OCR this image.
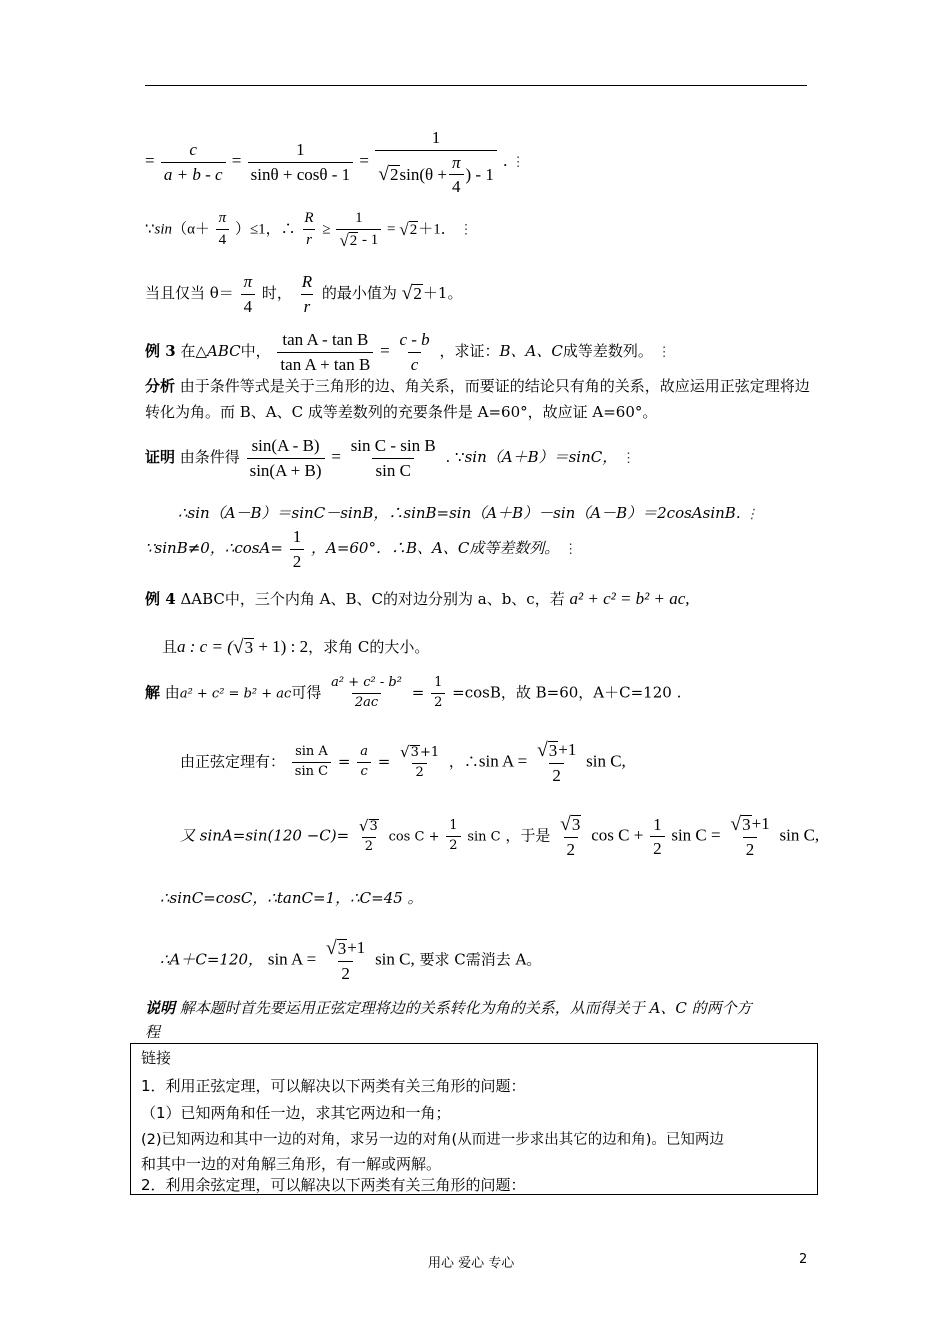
= $\frac{c}{a + b - c} = \frac{1}{\sin\theta + \cos\theta - 1} = \frac{1}{√ 2 \sin(\theta + \frac{\pi}{4} ) - 1}$ . ⋮
∵sin（α＋ $\frac{\pi}{4} )\le 1$，∴ $\frac{R}{r} \ge \frac{1}{√ 2 - 1}$ = √ 2 ＋1． ⋮
当且仅当 $\theta= \frac{\pi}{4}$ 时， $\frac{R}{r}$ 的最小值为 √ 2 ＋1。
例 3 在△ABC中， $\frac{\text{tan A - tan B}}{\text{tan A + tan B}} = \frac{c - b}{c}$ ，求证：B、A、C成等差数列。 ⋮
分析 由于条件等式是关于三角形的边、角关系，而要证的结论只有角的关系，故应运用正弦定理将边转化为角。而 B、A、C 成等差数列的充要条件是 A=60°，故应证 A=60°。
证明 由条件得 $\frac{\sin(A - B)}{\sin(A + B)} = \frac{\text{sin C - sin B}}{\text{sin C}}$ . ∵sin（A＋B）＝sinC， ⋮
∴sin（A－B）＝sinC－sinB，∴sinB=sin（A＋B）－sin（A－B）＝2cosAsinB. ⋮
∵sinB≠0，∴cosA= $\frac{1}{2}$ ，A=60°．∴B、A、C成等差数列。 ⋮
例 4 ΔABC中，三个内角 A、B、C的对边分别为 a、b、c，若 a² + c² = b² + ac,
且a : c = ( √ 3 + 1) : 2，求角 C的大小。
解 由a² + c² = b² + ac可得 $\frac{\text{a² + c² - b²}}{2ac} = \frac{1}{2} =\cos B$，故 B=60，A＋C=120 .
由正弦定理有： $\frac{\text{sin A}}{\text{sin C}} = \frac{a}{c} = \frac{√ 3 +1}{2}$ ，∴sin $A = \frac{√ 3 +1}{2}$ sin C,
又 $\sin A=\sin(120 -C)= \frac{√ 3}{2}$ $\cos C + \frac{1}{2}$ sin C ，于是 $\frac{√ 3}{2}$ $\cos C + \frac{1}{2}$ $\sin C = \frac{√ 3 +1}{2}$ sin C,
∴sinC=cosC，∴tanC=1，∴C=45 。
∴A＋C=120， $\sin A = \frac{√ 3 +1}{2}$ sin C, 要求 C需消去 A。
说明 解本题时首先要运用正弦定理将边的关系转化为角的关系，从而得关于 A、C 的两个方
程
链接
1．利用正弦定理，可以解决以下两类有关三角形的问题：
（1）已知两角和任一边，求其它两边和一角；
(2)已知两边和其中一边的对角，求另一边的对角(从而进一步求出其它的边和角)。已知两边
和其中一边的对角解三角形，有一解或两解。
2．利用余弦定理，可以解决以下两类有关三角形的问题：
用心 爱心 专心	2
